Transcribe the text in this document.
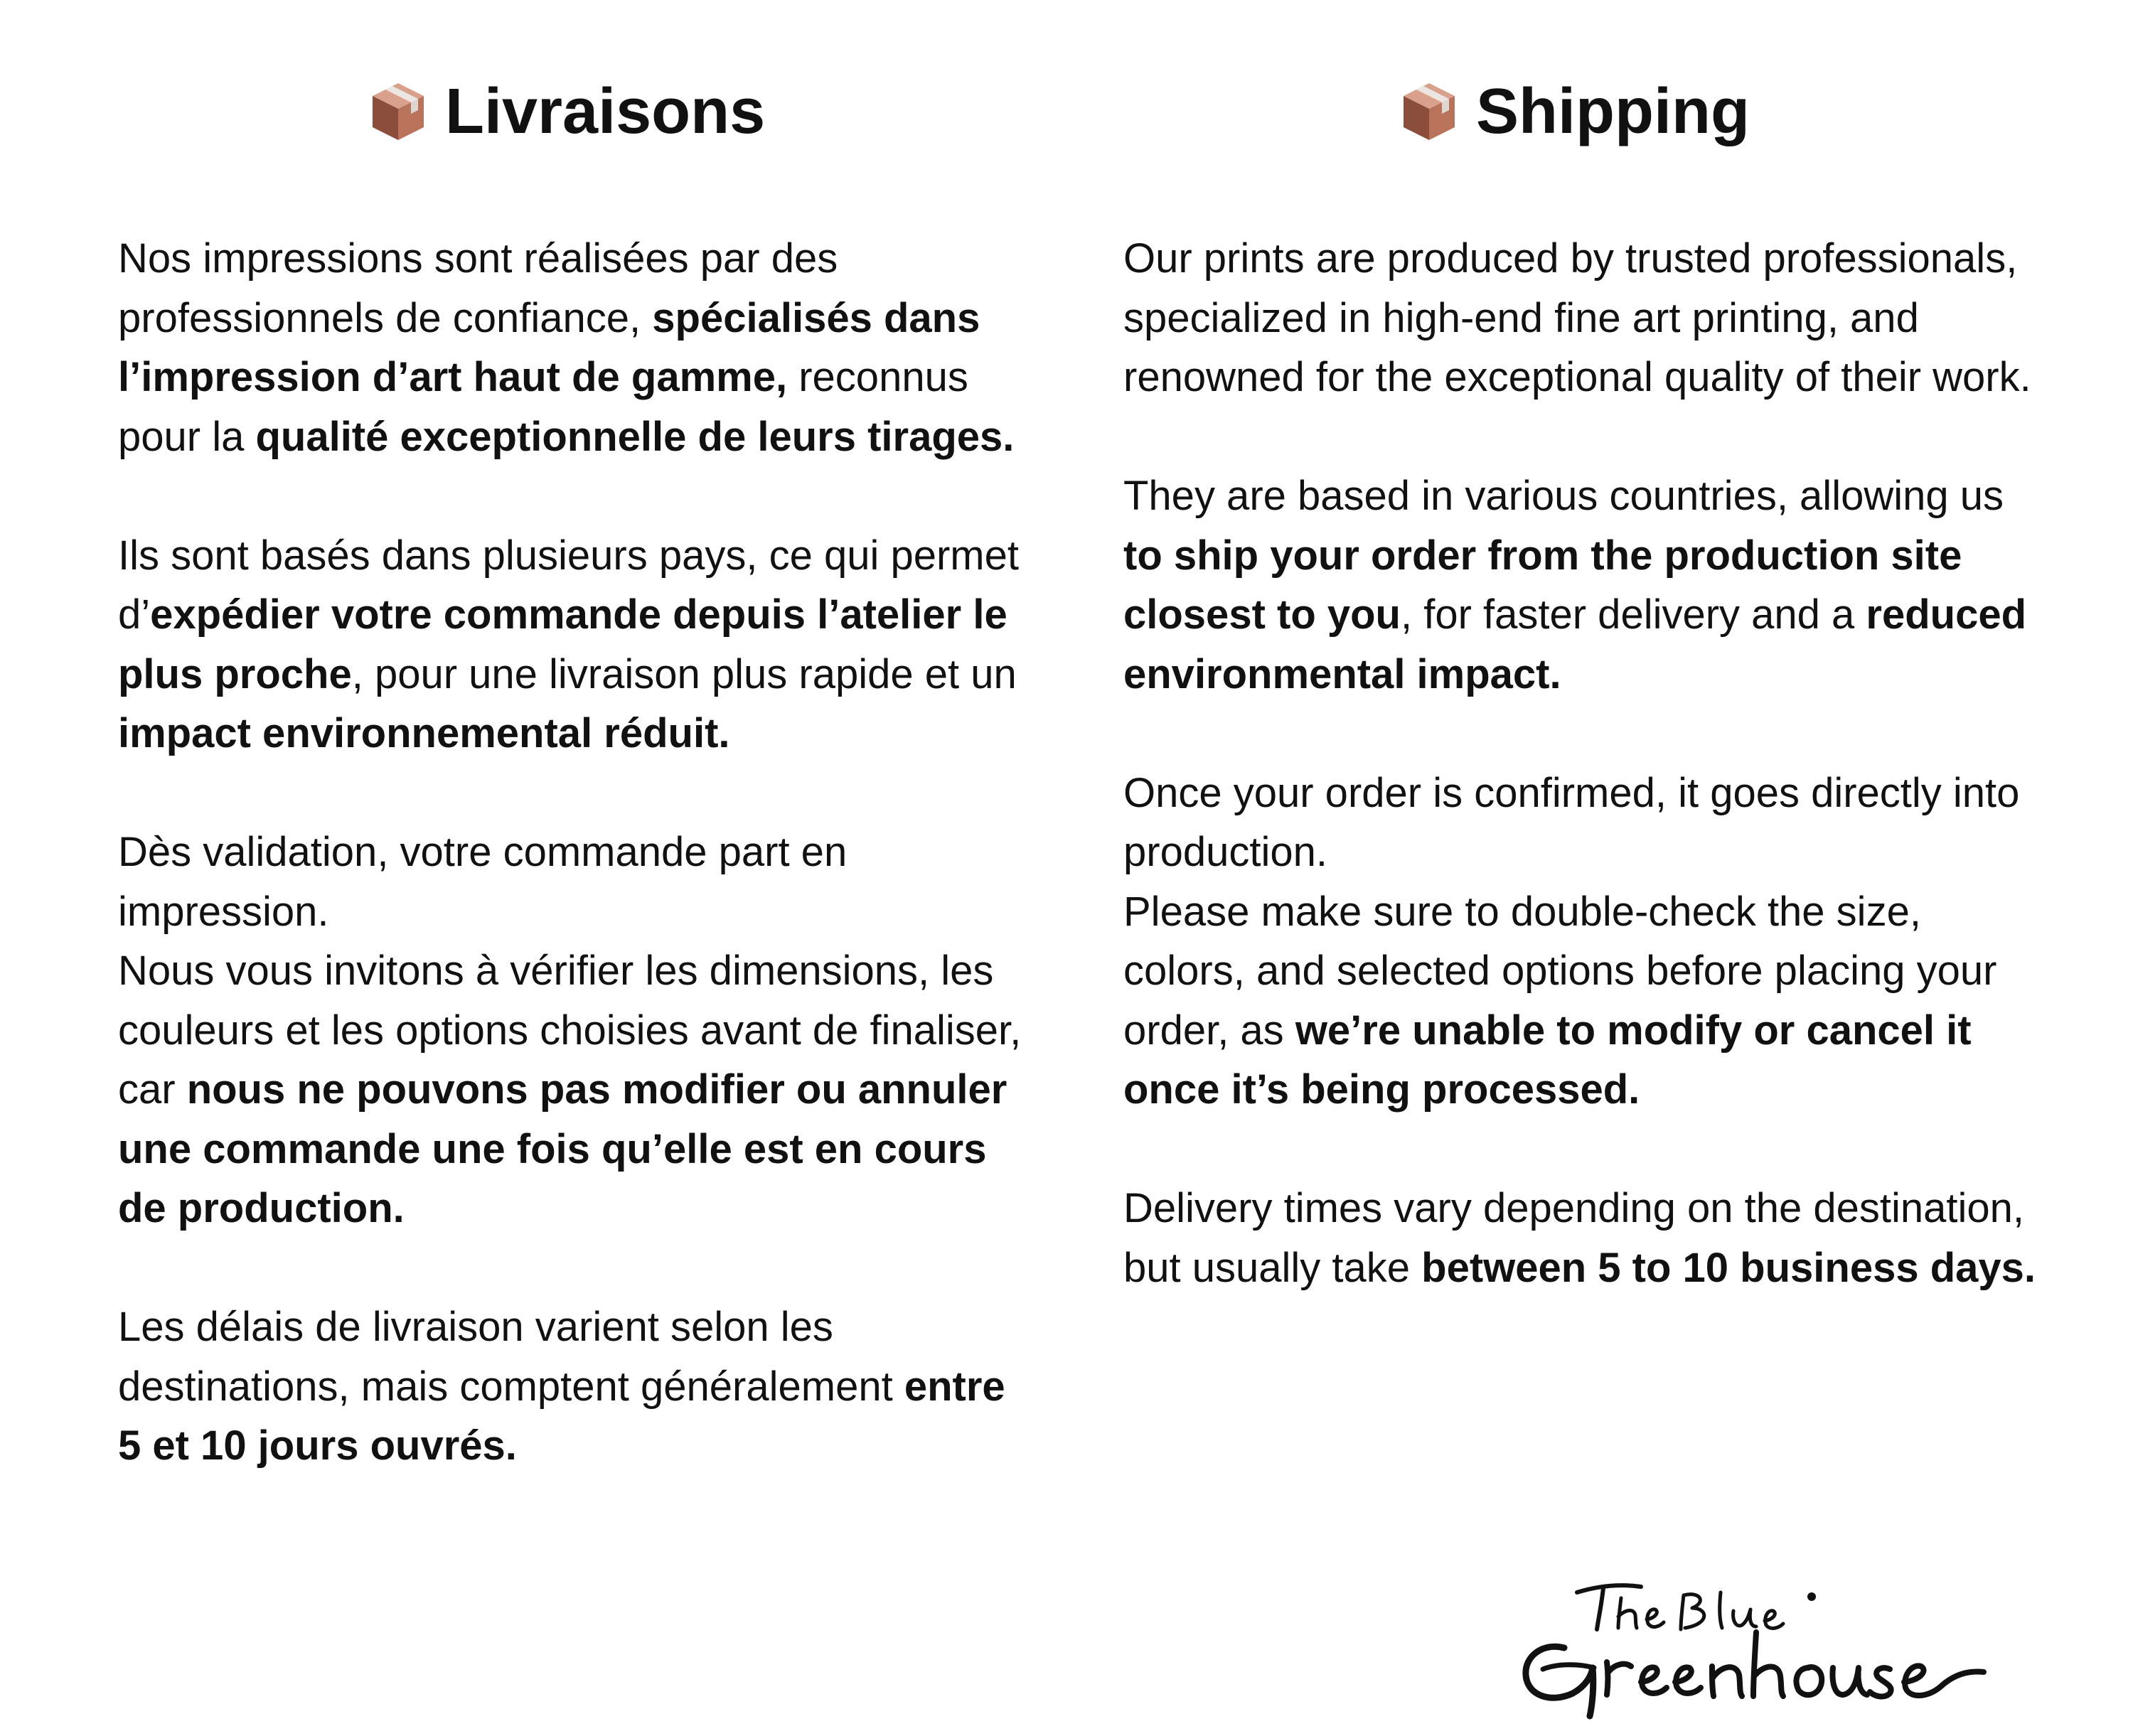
Livraisons

Nos impressions sont réalisées par des professionnels de confiance, spécialisés dans l’impression d’art haut de gamme, reconnus pour la qualité exceptionnelle de leurs tirages.

Ils sont basés dans plusieurs pays, ce qui permet d’expédier votre commande depuis l’atelier le plus proche, pour une livraison plus rapide et un impact environnemental réduit.

Dès validation, votre commande part en impression.

Nous vous invitons à vérifier les dimensions, les couleurs et les options choisies avant de finaliser, car nous ne pouvons pas modifier ou annuler une commande une fois qu’elle est en cours de production.

Les délais de livraison varient selon les destinations, mais comptent généralement entre 5 et 10 jours ouvrés.

Shipping

Our prints are produced by trusted professionals, specialized in high-end fine art printing, and renowned for the exceptional quality of their work.

They are based in various countries, allowing us to ship your order from the production site closest to you, for faster delivery and a reduced environmental impact.

Once your order is confirmed, it goes directly into production.

Please make sure to double-check the size, colors, and selected options before placing your order, as we’re unable to modify or cancel it once it’s being processed.

Delivery times vary depending on the destination, but usually take between 5 to 10 business days.
